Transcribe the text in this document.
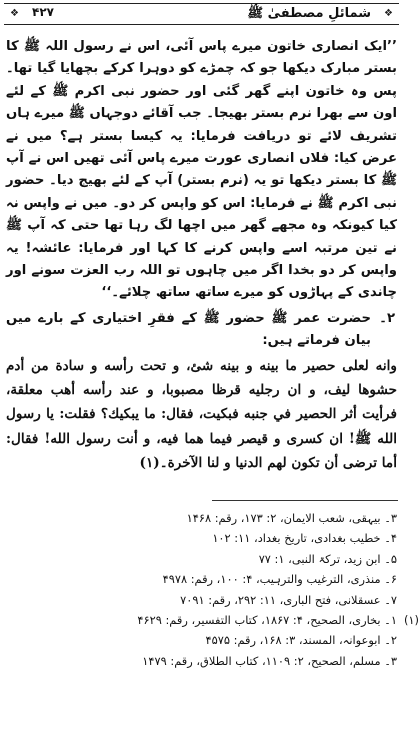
❖ ۴۲۷	شمائلِ مصطفیٰ ﷺ ❖

’’ایک انصاری خاتون میرے پاس آئی، اس نے رسول اللہ ﷺ کا بستر مبارک دیکھا جو کہ چمڑے کو دوہرا کرکے بچھایا گیا تھا۔ پس وہ خاتون اپنے گھر گئی اور حضور نبی اکرم ﷺ کے لئے اون سے بھرا نرم بستر بھیجا۔ جب آقائے دوجہاں ﷺ میرے ہاں تشریف لائے تو دریافت فرمایا: یہ کیسا بستر ہے؟ میں نے عرض کیا: فلاں انصاری عورت میرے پاس آئی تھیں اس نے آپ ﷺ کا بستر دیکھا تو یہ (نرم بستر) آپ کے لئے بھیج دیا۔ حضور نبی اکرم ﷺ نے فرمایا: اس کو واپس کر دو۔ میں نے واپس نہ کیا کیونکہ وہ مجھے گھر میں اچھا لگ رہا تھا حتی کہ آپ ﷺ نے تین مرتبہ اسے واپس کرنے کا کہا اور فرمایا: عائشہ! یہ واپس کر دو بخدا اگر میں چاہوں تو اللہ رب العزت سونے اور چاندی کے پہاڑوں کو میرے ساتھ ساتھ چلائے۔‘‘

۲۔
حضرت عمر ﷺ حضور ﷺ کے فقرِ اختیاری کے بارے میں بیان فرماتے ہیں:

وانه لعلى حصير ما بينه و بينه شئ، و تحت رأسه و سادة من أدم حشوها ليف، و ان رجليه قرظا مصبوبا، و عند رأسه أهب معلقة، فرأيت أثر الحصير في جنبه فبكيت، فقال: ما يبكيك؟ فقلت: يا رسول الله ﷺ! ان كسرى و قيصر فيما هما فيه، و أنت رسول الله! فقال: أما ترضى أن تكون لهم الدنيا و لنا الآخرة۔(۱)

۳۔ بیہقی، شعب الایمان، ۲: ۱۷۳، رقم: ۱۴۶۸
۴۔ خطیب بغدادی، تاریخ بغداد، ۱۱: ۱۰۲
۵۔ ابن زید، ترکۃ النبی، ۱: ۷۷
۶۔ منذری، الترغیب والترہیب، ۴: ۱۰۰، رقم: ۴۹۷۸
۷۔ عسقلانی، فتح الباری، ۱۱: ۲۹۲، رقم: ۷۰۹۱
(۱)
۱۔ بخاری، الصحیح، ۴: ۱۸۶۷، کتاب التفسیر، رقم: ۴۶۲۹
۲۔ ابوعوانہ، المسند، ۳: ۱۶۸، رقم: ۴۵۷۵
۳۔ مسلم، الصحیح، ۲: ۱۱۰۹، کتاب الطلاق، رقم: ۱۴۷۹
